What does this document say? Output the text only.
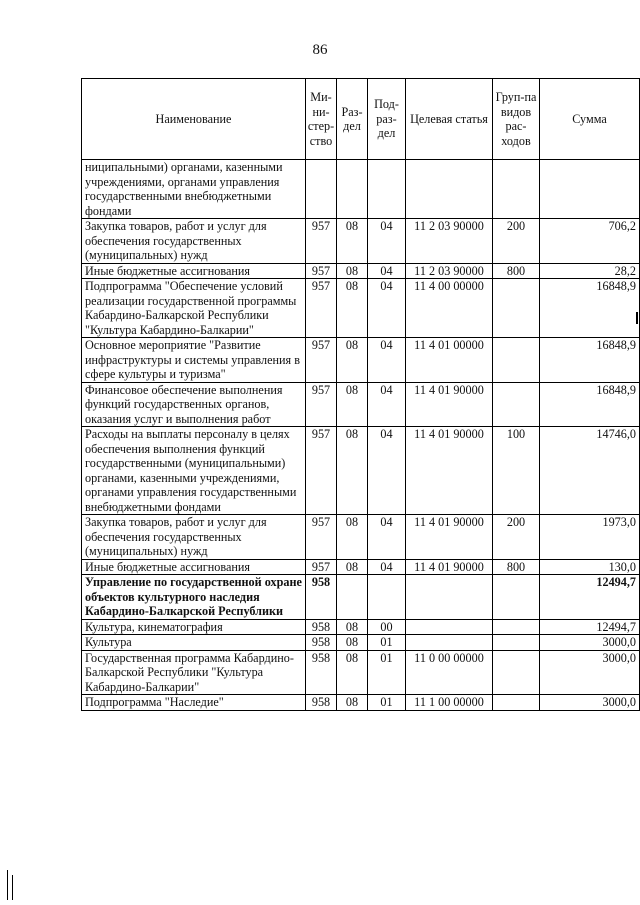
86
Наименование	Ми-ни-стер-ство	Раз-дел	Под-раз-дел	Целевая статья	Груп-па видов рас-ходов	Сумма
ниципальными) органами, казенными учреждениями, органами управления государственными внебюджетными фондами						
Закупка товаров, работ и услуг для обеспечения государственных (муниципальных) нужд	957	08	04	11 2 03 90000	200	706,2
Иные бюджетные ассигнования	957	08	04	11 2 03 90000	800	28,2
Подпрограмма "Обеспечение условий реализации государственной программы Кабардино-Балкарской Республики "Культура Кабардино-Балкарии"	957	08	04	11 4 00 00000		16848,9
Основное мероприятие "Развитие инфраструктуры и системы управления в сфере культуры и туризма"	957	08	04	11 4 01 00000		16848,9
Финансовое обеспечение выполнения функций государственных органов, оказания услуг и выполнения работ	957	08	04	11 4 01 90000		16848,9
Расходы на выплаты персоналу в целях обеспечения выполнения функций государственными (муниципальными) органами, казенными учреждениями, органами управления государственными внебюджетными фондами	957	08	04	11 4 01 90000	100	14746,0
Закупка товаров, работ и услуг для обеспечения государственных (муниципальных) нужд	957	08	04	11 4 01 90000	200	1973,0
Иные бюджетные ассигнования	957	08	04	11 4 01 90000	800	130,0
Управление по государственной охране объектов культурного наследия Кабардино-Балкарской Республики	958					12494,7
Культура, кинематография	958	08	00			12494,7
Культура	958	08	01			3000,0
Государственная программа Кабардино-Балкарской Республики "Культура Кабардино-Балкарии"	958	08	01	11 0 00 00000		3000,0
Подпрограмма "Наследие"	958	08	01	11 1 00 00000		3000,0
